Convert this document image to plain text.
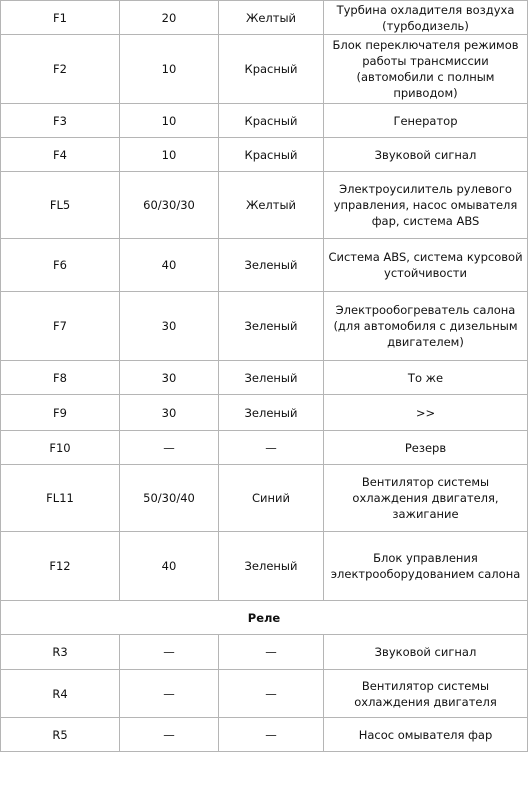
F1	20	Желтый	Турбина охладителя воздуха (турбодизель)
F2	10	Красный	Блок переключателя режимов работы трансмиссии (автомобили с полным приводом)
F3	10	Красный	Генератор
F4	10	Красный	Звуковой сигнал
FL5	60/30/30	Желтый	Электроусилитель рулевого управления, насос омывателя фар, система ABS
F6	40	Зеленый	Система ABS, система курсовой устойчивости
F7	30	Зеленый	Электрообогреватель салона (для автомобиля с дизельным двигателем)
F8	30	Зеленый	То же
F9	30	Зеленый	>>
F10	—	—	Резерв
FL11	50/30/40	Синий	Вентилятор системы охлаждения двигателя, зажигание
F12	40	Зеленый	Блок управления электрооборудованием салона
Реле			
R3	—	—	Звуковой сигнал
R4	—	—	Вентилятор системы охлаждения двигателя
R5	—	—	Насос омывателя фар
